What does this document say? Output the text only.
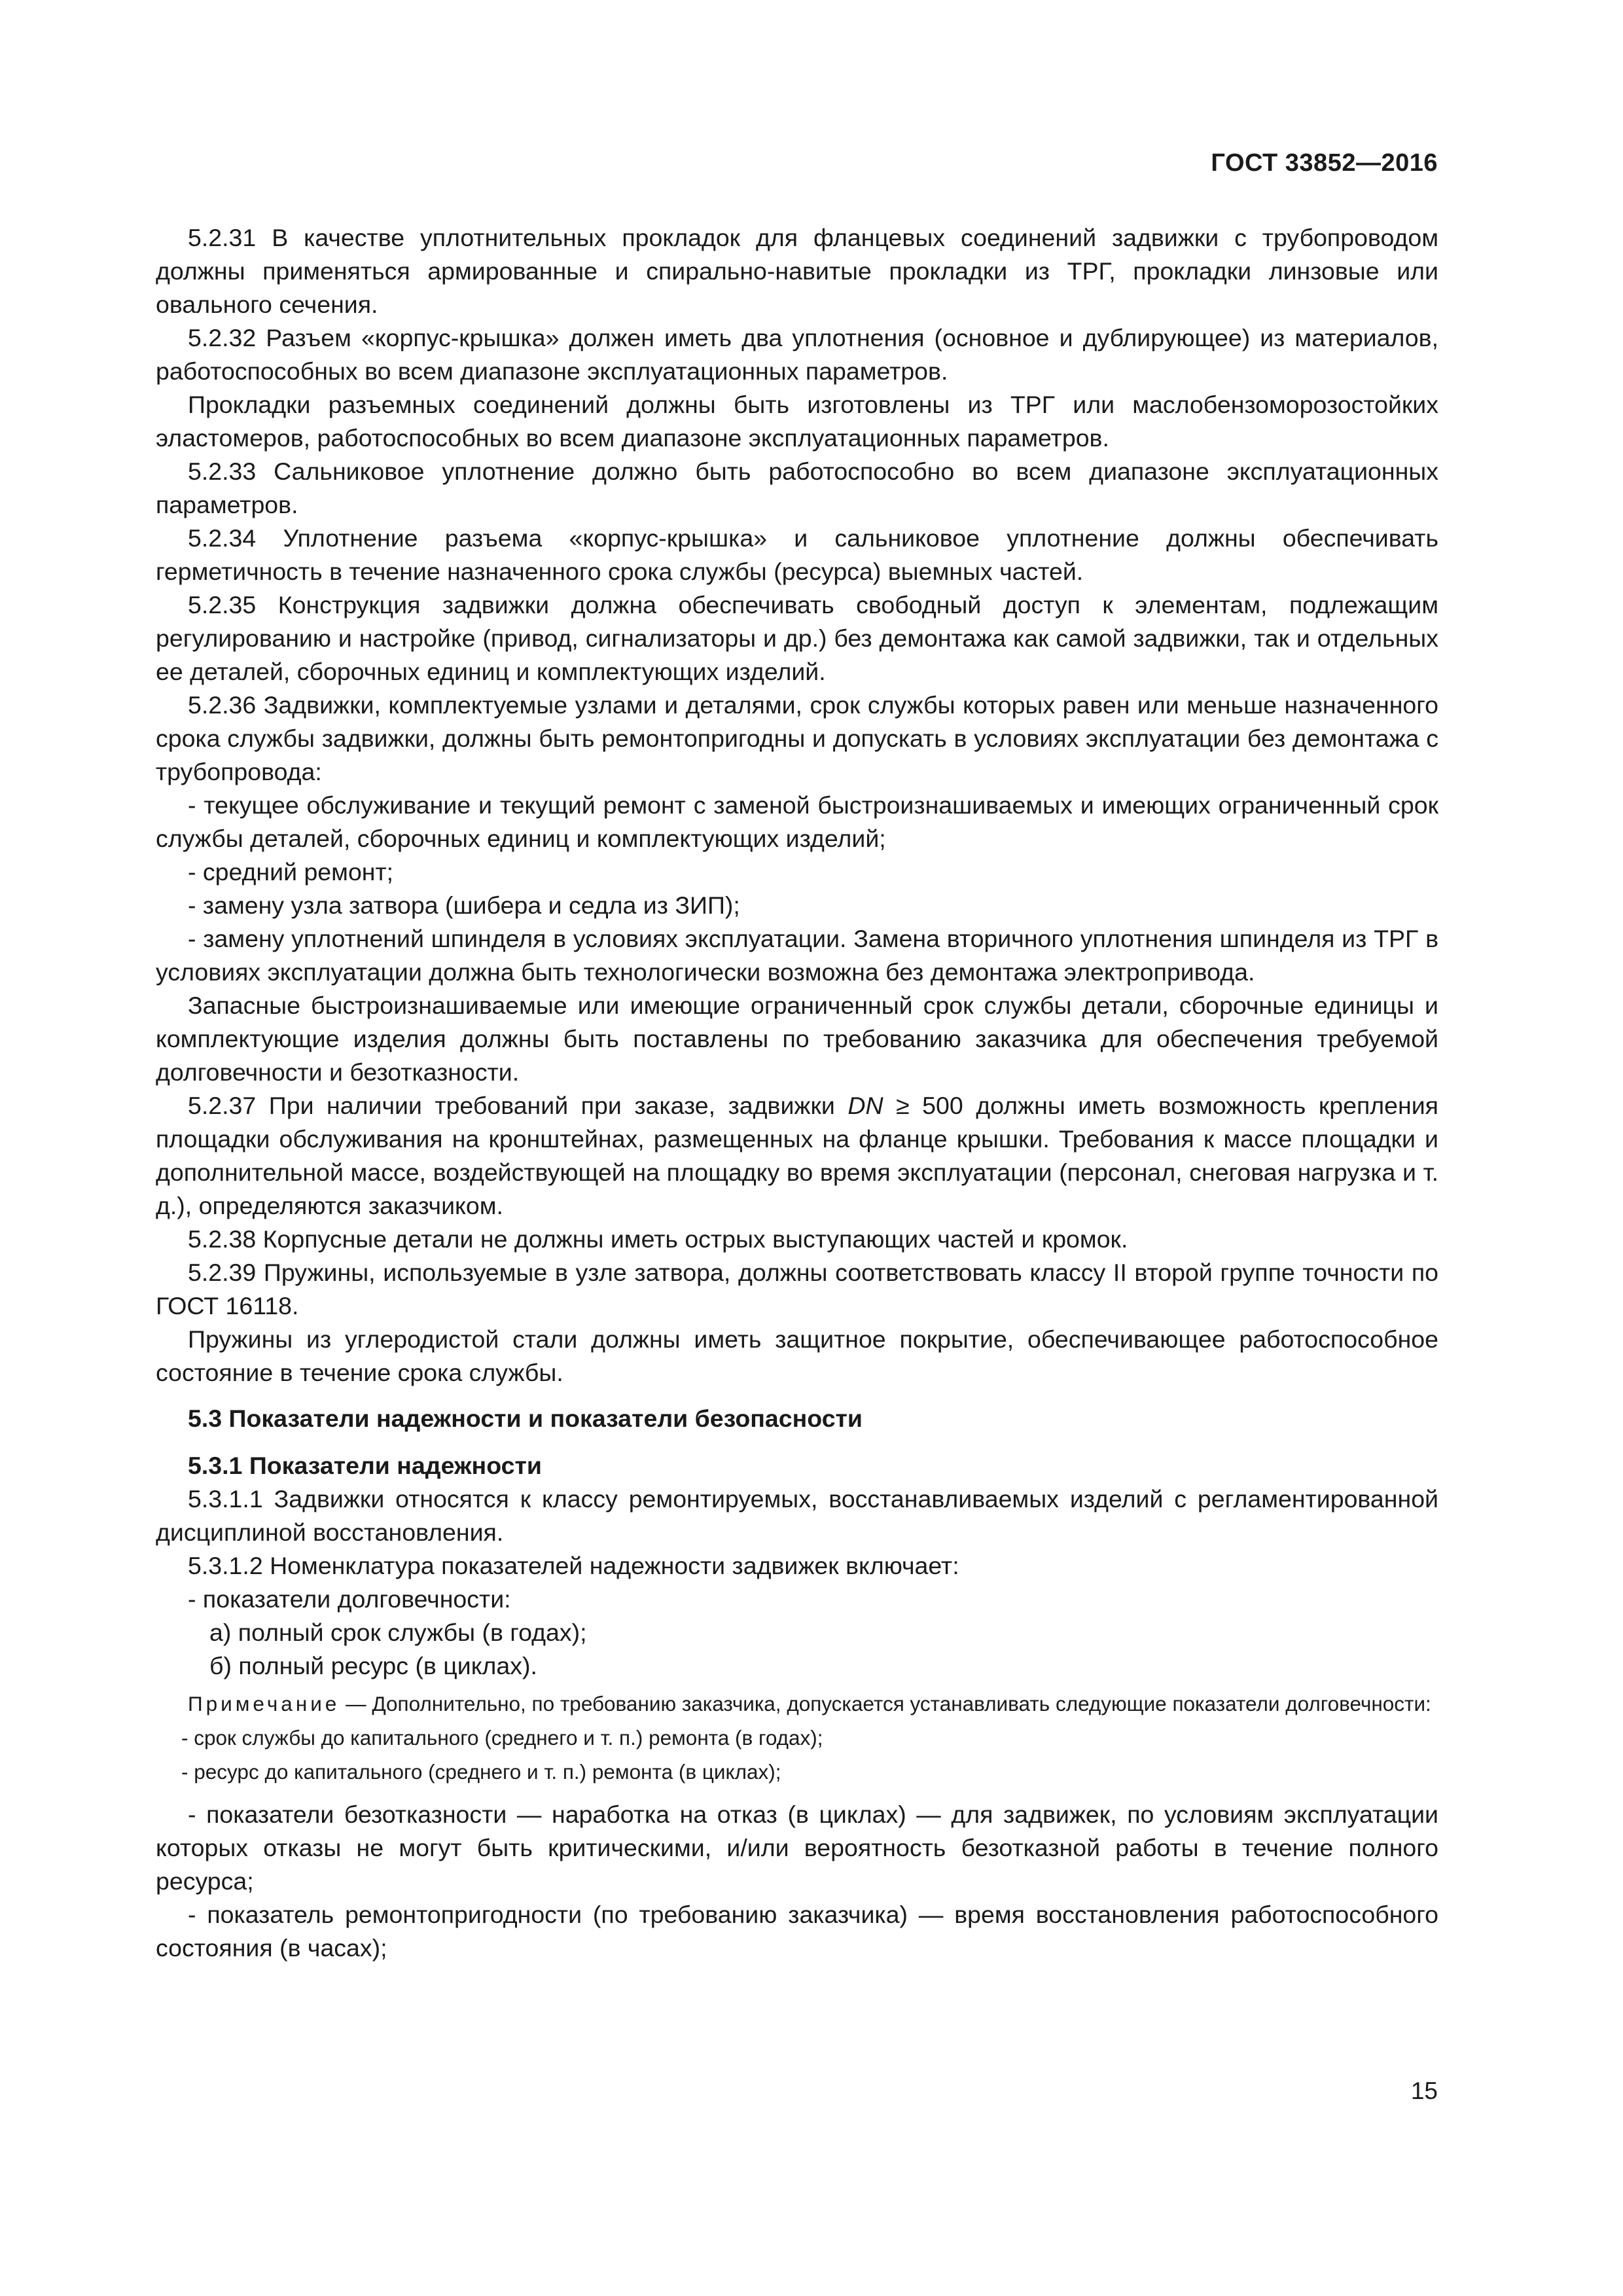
ГОСТ 33852—2016

5.2.31 В качестве уплотнительных прокладок для фланцевых соединений задвижки с трубопроводом должны применяться армированные и спирально-навитые прокладки из ТРГ, прокладки линзовые или овального сечения.

5.2.32 Разъем «корпус-крышка» должен иметь два уплотнения (основное и дублирующее) из материалов, работоспособных во всем диапазоне эксплуатационных параметров.

Прокладки разъемных соединений должны быть изготовлены из ТРГ или маслобензоморозостойких эластомеров, работоспособных во всем диапазоне эксплуатационных параметров.

5.2.33 Сальниковое уплотнение должно быть работоспособно во всем диапазоне эксплуатационных параметров.

5.2.34 Уплотнение разъема «корпус-крышка» и сальниковое уплотнение должны обеспечивать герметичность в течение назначенного срока службы (ресурса) выемных частей.

5.2.35 Конструкция задвижки должна обеспечивать свободный доступ к элементам, подлежащим регулированию и настройке (привод, сигнализаторы и др.) без демонтажа как самой задвижки, так и отдельных ее деталей, сборочных единиц и комплектующих изделий.

5.2.36 Задвижки, комплектуемые узлами и деталями, срок службы которых равен или меньше назначенного срока службы задвижки, должны быть ремонтопригодны и допускать в условиях эксплуатации без демонтажа с трубопровода:

- текущее обслуживание и текущий ремонт с заменой быстроизнашиваемых и имеющих ограниченный срок службы деталей, сборочных единиц и комплектующих изделий;

- средний ремонт;

- замену узла затвора (шибера и седла из ЗИП);

- замену уплотнений шпинделя в условиях эксплуатации. Замена вторичного уплотнения шпинделя из ТРГ в условиях эксплуатации должна быть технологически возможна без демонтажа электропривода.

Запасные быстроизнашиваемые или имеющие ограниченный срок службы детали, сборочные единицы и комплектующие изделия должны быть поставлены по требованию заказчика для обеспечения требуемой долговечности и безотказности.

5.2.37 При наличии требований при заказе, задвижки DN ≥ 500 должны иметь возможность крепления площадки обслуживания на кронштейнах, размещенных на фланце крышки. Требования к массе площадки и дополнительной массе, воздействующей на площадку во время эксплуатации (персонал, снеговая нагрузка и т. д.), определяются заказчиком.

5.2.38 Корпусные детали не должны иметь острых выступающих частей и кромок.

5.2.39 Пружины, используемые в узле затвора, должны соответствовать классу II второй группе точности по ГОСТ 16118.

Пружины из углеродистой стали должны иметь защитное покрытие, обеспечивающее работоспособное состояние в течение срока службы.

5.3 Показатели надежности и показатели безопасности
5.3.1 Показатели надежности

5.3.1.1 Задвижки относятся к классу ремонтируемых, восстанавливаемых изделий с регламентированной дисциплиной восстановления.

5.3.1.2 Номенклатура показателей надежности задвижек включает:

- показатели долговечности:

а) полный срок службы (в годах);

б) полный ресурс (в циклах).

Примечание — Дополнительно, по требованию заказчика, допускается устанавливать следующие показатели долговечности:

- срок службы до капитального (среднего и т. п.) ремонта (в годах);

- ресурс до капитального (среднего и т. п.) ремонта (в циклах);

- показатели безотказности — наработка на отказ (в циклах) — для задвижек, по условиям эксплуатации которых отказы не могут быть критическими, и/или вероятность безотказной работы в течение полного ресурса;

- показатель ремонтопригодности (по требованию заказчика) — время восстановления работоспособного состояния (в часах);

15
